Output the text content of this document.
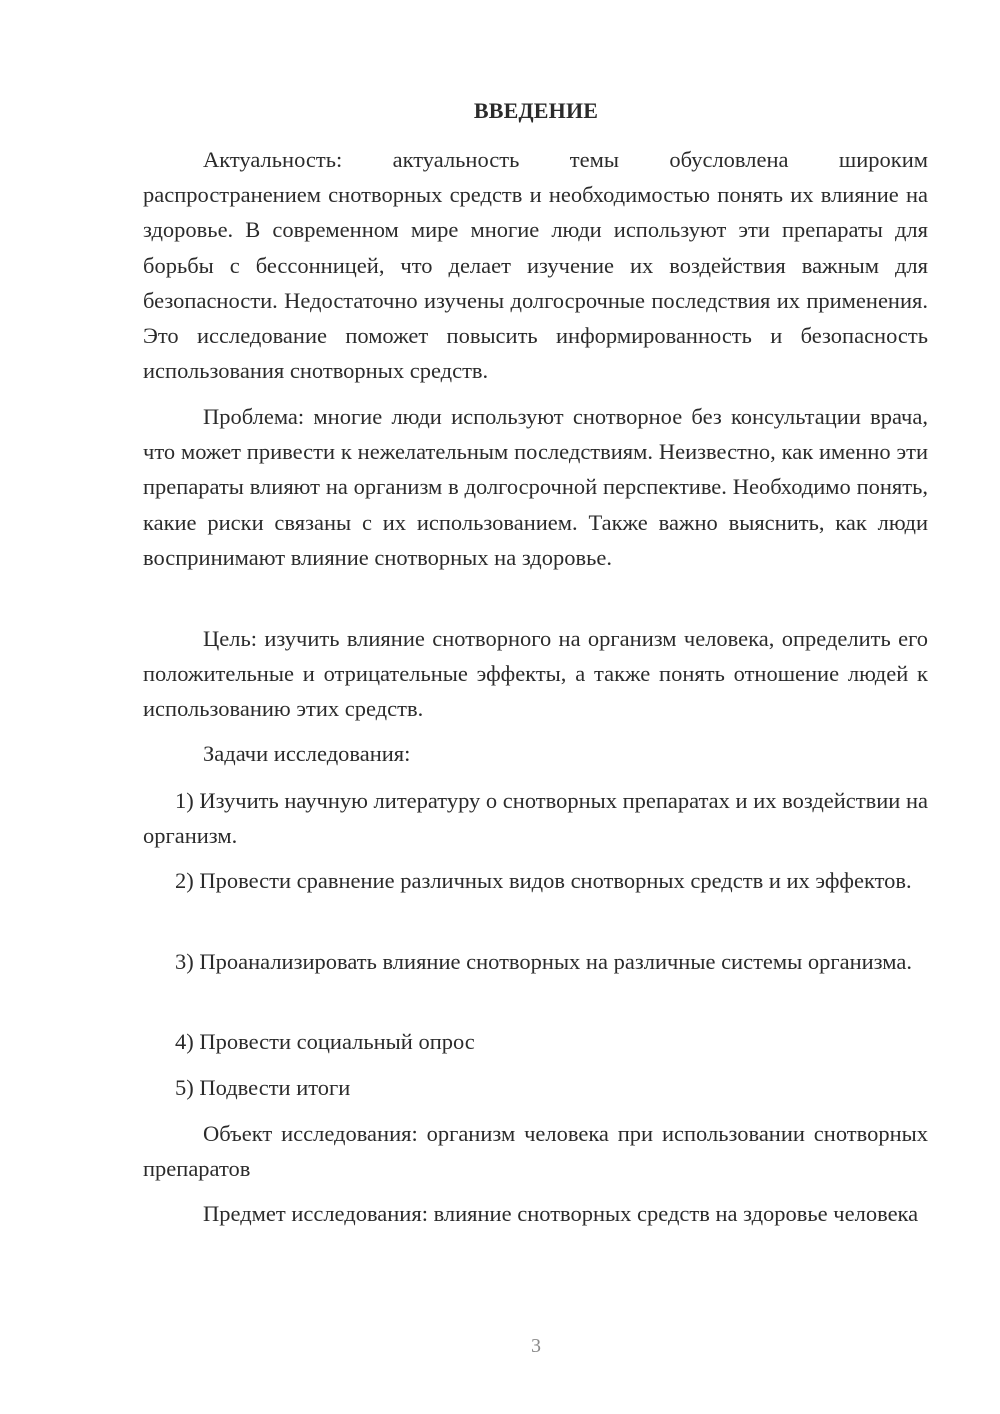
ВВЕДЕНИЕ

Актуальность: актуальность темы обусловлена широким распространением снотворных средств и необходимостью понять их влияние на здоровье. В современном мире многие люди используют эти препараты для борьбы с бессонницей, что делает изучение их воздействия важным для безопасности. Недостаточно изучены долгосрочные последствия их применения. Это исследование поможет повысить информированность и безопасность использования снотворных средств.

Проблема: многие люди используют снотворное без консультации врача, что может привести к нежелательным последствиям. Неизвестно, как именно эти препараты влияют на организм в долгосрочной перспективе. Необходимо понять, какие риски связаны с их использованием. Также важно выяснить, как люди воспринимают влияние снотворных на здоровье.

Цель: изучить влияние снотворного на организм человека, определить его положительные и отрицательные эффекты, а также понять отношение людей к использованию этих средств.

Задачи исследования:

1) Изучить научную литературу о снотворных препаратах и их воздействии на организм.

2) Провести сравнение различных видов снотворных средств и их эффектов.

3) Проанализировать влияние снотворных на различные системы организма.

4) Провести социальный опрос

5) Подвести итоги

Объект исследования: организм человека при использовании снотворных препаратов

Предмет исследования: влияние снотворных средств на здоровье человека

3
